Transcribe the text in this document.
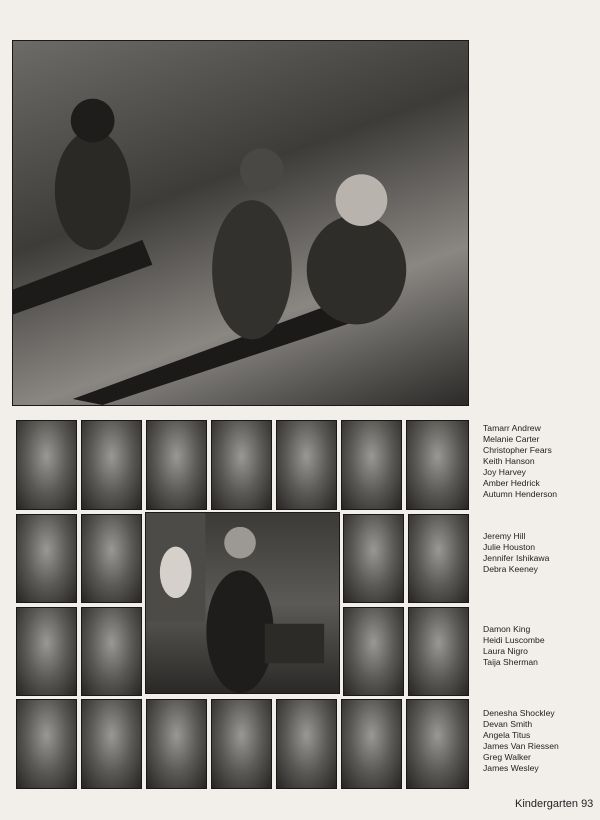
Tamarr Andrew
Melanie Carter
Christopher Fears
Keith Hanson
Joy Harvey
Amber Hedrick
Autumn Henderson
Jeremy Hill
Julie Houston
Jennifer Ishikawa
Debra Keeney
Damon King
Heidi Luscombe
Laura Nigro
Taija Sherman
Denesha Shockley
Devan Smith
Angela Titus
James Van Riessen
Greg Walker
James Wesley
Kindergarten 93
